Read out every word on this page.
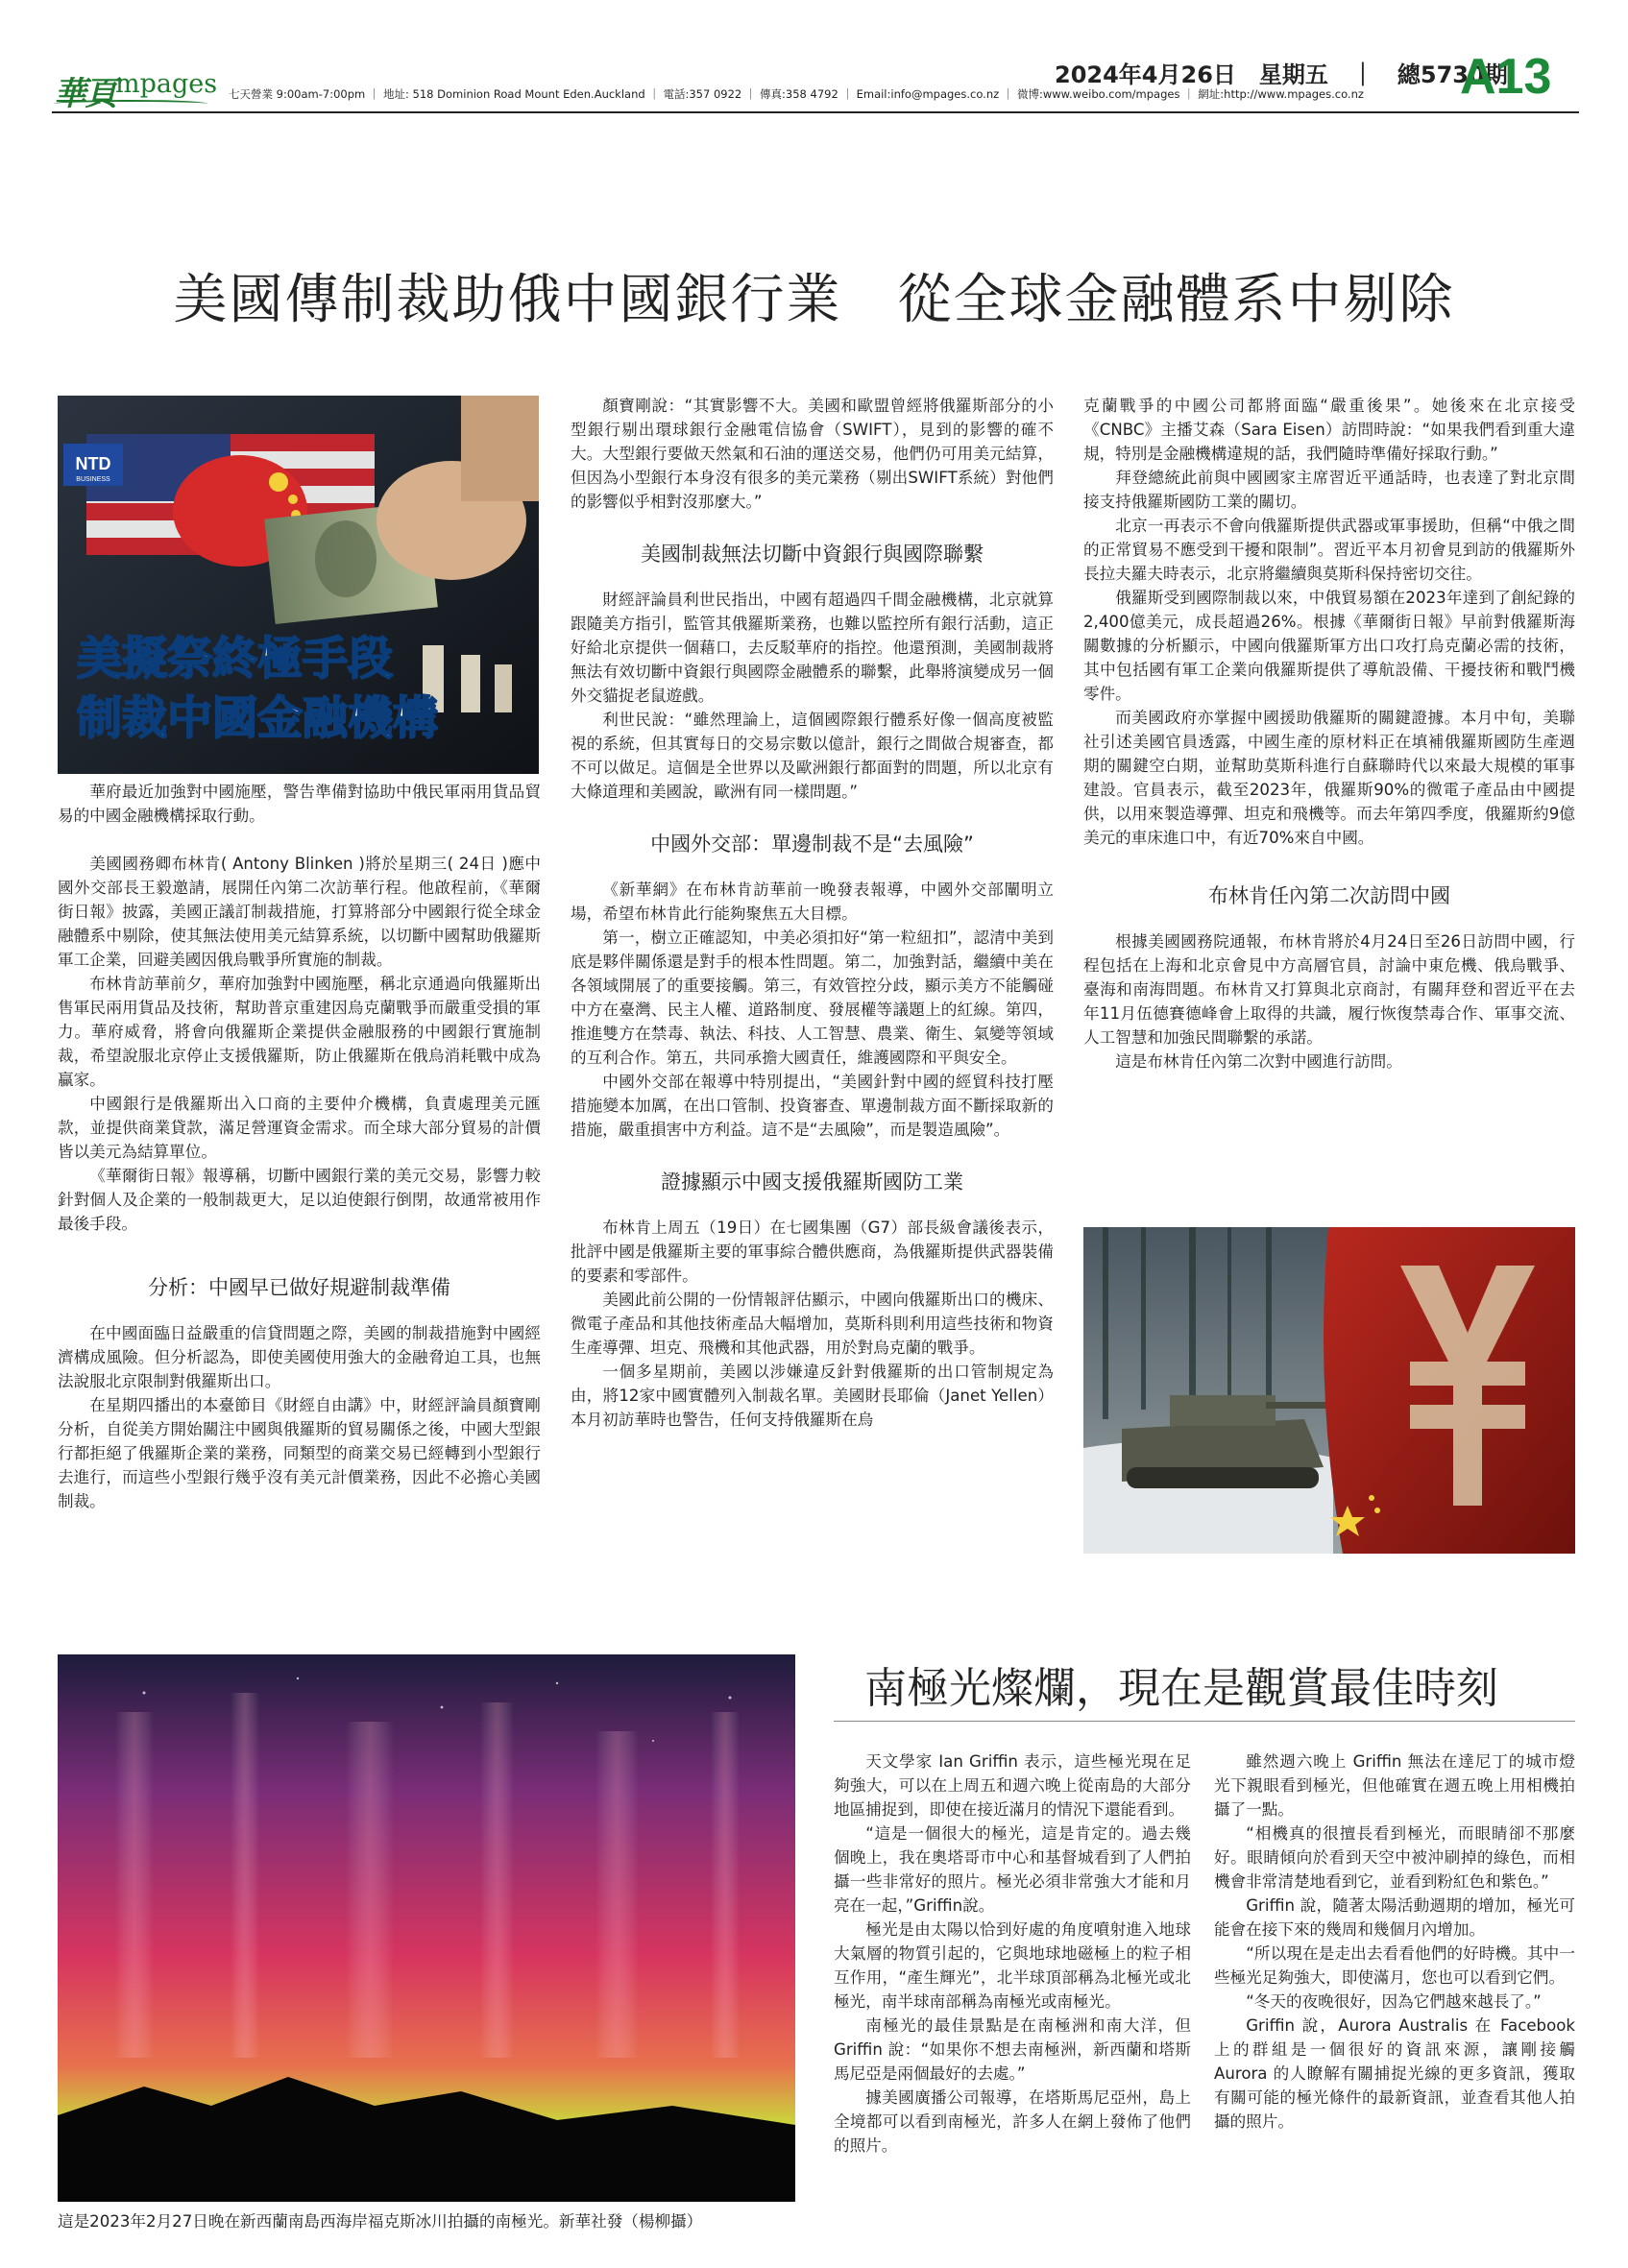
華頁 mpages 七天營業 9:00am-7:00pm ｜ 地址: 518 Dominion Road Mount Eden.Auckland ｜ 電話:357 0922 ｜ 傳真:358 4792 ｜ Email:info@mpages.co.nz ｜ 微博:www.weibo.com/mpages ｜ 網址:http://www.mpages.co.nz
2024年4月26日　星期五　｜　總5730期
A13
美國傳制裁助俄中國銀行業　從全球金融體系中剔除
NTD
BUSINESS
美擬祭終極手段
制裁中國金融機構

華府最近加強對中國施壓，警告準備對協助中俄民軍兩用貨品貿易的中國金融機構採取行動。

美國國務卿布林肯( Antony Blinken )將於星期三( 24日 )應中國外交部長王毅邀請，展開任內第二次訪華行程。他啟程前，《華爾街日報》披露，美國正議訂制裁措施，打算將部分中國銀行從全球金融體系中剔除，使其無法使用美元結算系統，以切斷中國幫助俄羅斯軍工企業，回避美國因俄烏戰爭所實施的制裁。

布林肯訪華前夕，華府加強對中國施壓，稱北京通過向俄羅斯出售軍民兩用貨品及技術，幫助普京重建因烏克蘭戰爭而嚴重受損的軍力。華府威脅，將會向俄羅斯企業提供金融服務的中國銀行實施制裁，希望說服北京停止支援俄羅斯，防止俄羅斯在俄烏消耗戰中成為贏家。

中國銀行是俄羅斯出入口商的主要仲介機構，負責處理美元匯款，並提供商業貸款，滿足營運資金需求。而全球大部分貿易的計價皆以美元為結算單位。

《華爾街日報》報導稱，切斷中國銀行業的美元交易，影響力較針對個人及企業的一般制裁更大，足以迫使銀行倒閉，故通常被用作最後手段。

分析：中國早已做好規避制裁準備

在中國面臨日益嚴重的信貸問題之際，美國的制裁措施對中國經濟構成風險。但分析認為，即使美國使用強大的金融脅迫工具，也無法說服北京限制對俄羅斯出口。

在星期四播出的本臺節目《財經自由講》中，財經評論員顏寶剛分析，自從美方開始關注中國與俄羅斯的貿易關係之後，中國大型銀行都拒絕了俄羅斯企業的業務，同類型的商業交易已經轉到小型銀行去進行，而這些小型銀行幾乎沒有美元計價業務，因此不必擔心美國制裁。

顏寶剛說：“其實影響不大。美國和歐盟曾經將俄羅斯部分的小型銀行剔出環球銀行金融電信協會（SWIFT），見到的影響的確不大。大型銀行要做天然氣和石油的運送交易，他們仍可用美元結算，但因為小型銀行本身沒有很多的美元業務（剔出SWIFT系統）對他們的影響似乎相對沒那麼大。”

美國制裁無法切斷中資銀行與國際聯繫

財經評論員利世民指出，中國有超過四千間金融機構，北京就算跟隨美方指引，監管其俄羅斯業務，也難以監控所有銀行活動，這正好給北京提供一個藉口，去反駁華府的指控。他還預測，美國制裁將無法有效切斷中資銀行與國際金融體系的聯繫，此舉將演變成另一個外交貓捉老鼠遊戲。

利世民說：“雖然理論上，這個國際銀行體系好像一個高度被監視的系統，但其實每日的交易宗數以億計，銀行之間做合規審查，都不可以做足。這個是全世界以及歐洲銀行都面對的問題，所以北京有大條道理和美國說，歐洲有同一樣問題。”

中國外交部：單邊制裁不是“去風險”

《新華網》在布林肯訪華前一晚發表報導，中國外交部闡明立場，希望布林肯此行能夠聚焦五大目標。

第一，樹立正確認知，中美必須扣好“第一粒紐扣”，認清中美到底是夥伴關係還是對手的根本性問題。第二，加強對話，繼續中美在各領域開展了的重要接觸。第三，有效管控分歧，顯示美方不能觸碰中方在臺灣、民主人權、道路制度、發展權等議題上的紅線。第四，推進雙方在禁毒、執法、科技、人工智慧、農業、衛生、氣變等領域的互利合作。第五，共同承擔大國責任，維護國際和平與安全。

中國外交部在報導中特別提出，“美國針對中國的經貿科技打壓措施變本加厲，在出口管制、投資審查、單邊制裁方面不斷採取新的措施，嚴重損害中方利益。這不是“去風險”，而是製造風險”。

證據顯示中國支援俄羅斯國防工業

布林肯上周五（19日）在七國集團（G7）部長級會議後表示，批評中國是俄羅斯主要的軍事綜合體供應商，為俄羅斯提供武器裝備的要素和零部件。

美國此前公開的一份情報評估顯示，中國向俄羅斯出口的機床、微電子產品和其他技術產品大幅增加，莫斯科則利用這些技術和物資生產導彈、坦克、飛機和其他武器，用於對烏克蘭的戰爭。

一個多星期前，美國以涉嫌違反針對俄羅斯的出口管制規定為由，將12家中國實體列入制裁名單。美國財長耶倫（Janet Yellen）本月初訪華時也警告，任何支持俄羅斯在烏

克蘭戰爭的中國公司都將面臨“嚴重後果”。她後來在北京接受《CNBC》主播艾森（Sara Eisen）訪問時說：“如果我們看到重大違規，特別是金融機構違規的話，我們隨時準備好採取行動。”

拜登總統此前與中國國家主席習近平通話時，也表達了對北京間接支持俄羅斯國防工業的關切。

北京一再表示不會向俄羅斯提供武器或軍事援助，但稱“中俄之間的正常貿易不應受到干擾和限制”。習近平本月初會見到訪的俄羅斯外長拉夫羅夫時表示，北京將繼續與莫斯科保持密切交往。

俄羅斯受到國際制裁以來，中俄貿易額在2023年達到了創紀錄的2,400億美元，成長超過26%。根據《華爾街日報》早前對俄羅斯海關數據的分析顯示，中國向俄羅斯軍方出口攻打烏克蘭必需的技術，其中包括國有軍工企業向俄羅斯提供了導航設備、干擾技術和戰鬥機零件。

而美國政府亦掌握中國援助俄羅斯的關鍵證據。本月中旬，美聯社引述美國官員透露，中國生產的原材料正在填補俄羅斯國防生產週期的關鍵空白期，並幫助莫斯科進行自蘇聯時代以來最大規模的軍事建設。官員表示，截至2023年，俄羅斯90%的微電子產品由中國提供，以用來製造導彈、坦克和飛機等。而去年第四季度，俄羅斯約9億美元的車床進口中，有近70%來自中國。

布林肯任內第二次訪問中國

根據美國國務院通報，布林肯將於4月24日至26日訪問中國，行程包括在上海和北京會見中方高層官員，討論中東危機、俄烏戰爭、臺海和南海問題。布林肯又打算與北京商討，有關拜登和習近平在去年11月伍德賽德峰會上取得的共識，履行恢復禁毒合作、軍事交流、人工智慧和加強民間聯繫的承諾。

這是布林肯任內第二次對中國進行訪問。

這是2023年2月27日晚在新西蘭南島西海岸福克斯冰川拍攝的南極光。新華社發（楊柳攝）
南極光燦爛，現在是觀賞最佳時刻

天文學家 Ian Griffin 表示，這些極光現在足夠強大，可以在上周五和週六晚上從南島的大部分地區捕捉到，即使在接近滿月的情況下還能看到。

“這是一個很大的極光，這是肯定的。過去幾個晚上，我在奧塔哥市中心和基督城看到了人們拍攝一些非常好的照片。極光必須非常強大才能和月亮在一起，”Griffin說。

極光是由太陽以恰到好處的角度噴射進入地球大氣層的物質引起的，它與地球地磁極上的粒子相互作用，“產生輝光”，北半球頂部稱為北極光或北極光，南半球南部稱為南極光或南極光。

南極光的最佳景點是在南極洲和南大洋，但 Griffin 說：“如果你不想去南極洲，新西蘭和塔斯馬尼亞是兩個最好的去處。”

據美國廣播公司報導，在塔斯馬尼亞州，島上全境都可以看到南極光，許多人在網上發佈了他們的照片。

雖然週六晚上 Griffin 無法在達尼丁的城市燈光下親眼看到極光，但他確實在週五晚上用相機拍攝了一點。

“相機真的很擅長看到極光，而眼睛卻不那麼好。眼睛傾向於看到天空中被沖刷掉的綠色，而相機會非常清楚地看到它，並看到粉紅色和紫色。”

Griffin 說，隨著太陽活動週期的增加，極光可能會在接下來的幾周和幾個月內增加。

“所以現在是走出去看看他們的好時機。其中一些極光足夠強大，即使滿月，您也可以看到它們。

“冬天的夜晚很好，因為它們越來越長了。”

Griffin 說，Aurora Australis 在 Facebook 上的群組是一個很好的資訊來源，讓剛接觸 Aurora 的人瞭解有關捕捉光線的更多資訊，獲取有關可能的極光條件的最新資訊，並查看其他人拍攝的照片。
